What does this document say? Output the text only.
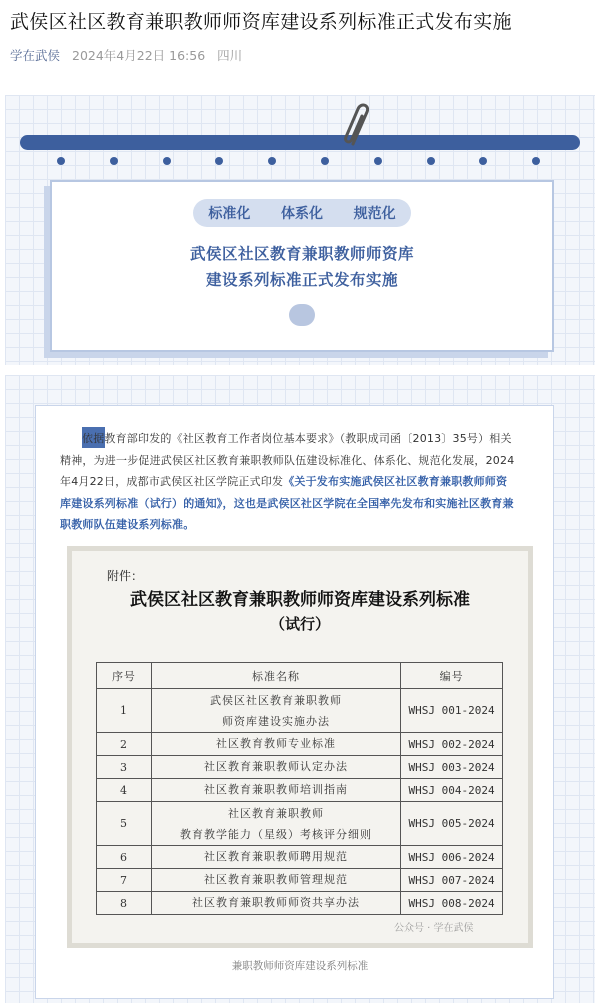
武侯区社区教育兼职教师师资库建设系列标准正式发布实施
学在武侯 2024年4月22日 16:56 四川
标准化 体系化 规范化
武侯区社区教育兼职教师师资库
建设系列标准正式发布实施
依据教育部印发的《社区教育工作者岗位基本要求》（教职成司函〔2013〕35号）相关精神，为进一步促进武侯区社区教育兼职教师队伍建设标准化、体系化、规范化发展，2024年4月22日，成都市武侯区社区学院正式印发《关于发布实施武侯区社区教育兼职教师师资库建设系列标准（试行）的通知》，这也是武侯区社区学院在全国率先发布和实施社区教育兼职教师队伍建设系列标准。
附件：
武侯区社区教育兼职教师师资库建设系列标准
（试行）
序号	标准名称	编号
1	武侯区社区教育兼职教师
师资库建设实施办法	WHSJ 001-2024
2	社区教育教师专业标准	WHSJ 002-2024
3	社区教育兼职教师认定办法	WHSJ 003-2024
4	社区教育兼职教师培训指南	WHSJ 004-2024
5	社区教育兼职教师
教育教学能力（星级）考核评分细则	WHSJ 005-2024
6	社区教育兼职教师聘用规范	WHSJ 006-2024
7	社区教育兼职教师管理规范	WHSJ 007-2024
8	社区教育兼职教师师资共享办法	WHSJ 008-2024
公众号 · 学在武侯
兼职教师师资库建设系列标准
